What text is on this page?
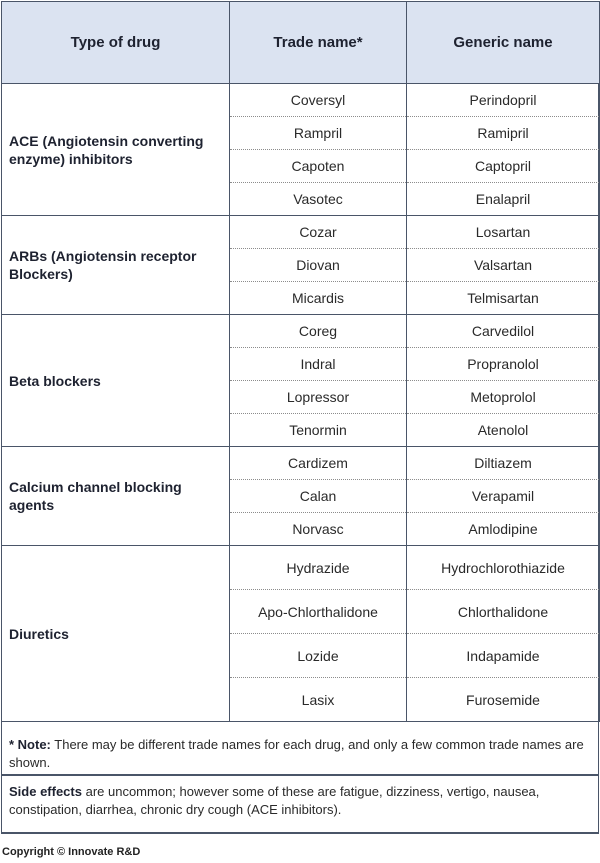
Type of drug	Trade name*	Generic name
ACE (Angiotensin converting enzyme) inhibitors	Coversyl	Perindopril
	Rampril	Ramipril
	Capoten	Captopril
	Vasotec	Enalapril
ARBs (Angiotensin receptor Blockers)	Cozar	Losartan
	Diovan	Valsartan
	Micardis	Telmisartan
Beta blockers	Coreg	Carvedilol
	Indral	Propranolol
	Lopressor	Metoprolol
	Tenormin	Atenolol
Calcium channel blocking agents	Cardizem	Diltiazem
	Calan	Verapamil
	Norvasc	Amlodipine
Diuretics	Hydrazide	Hydrochlorothiazide
	Apo-Chlorthalidone	Chlorthalidone
	Lozide	Indapamide
	Lasix	Furosemide
* Note: There may be different trade names for each drug, and only a few common trade names are shown.
Side effects are uncommon; however some of these are fatigue, dizziness, vertigo, nausea, constipation, diarrhea, chronic dry cough (ACE inhibitors).
Copyright © Innovate R&D
